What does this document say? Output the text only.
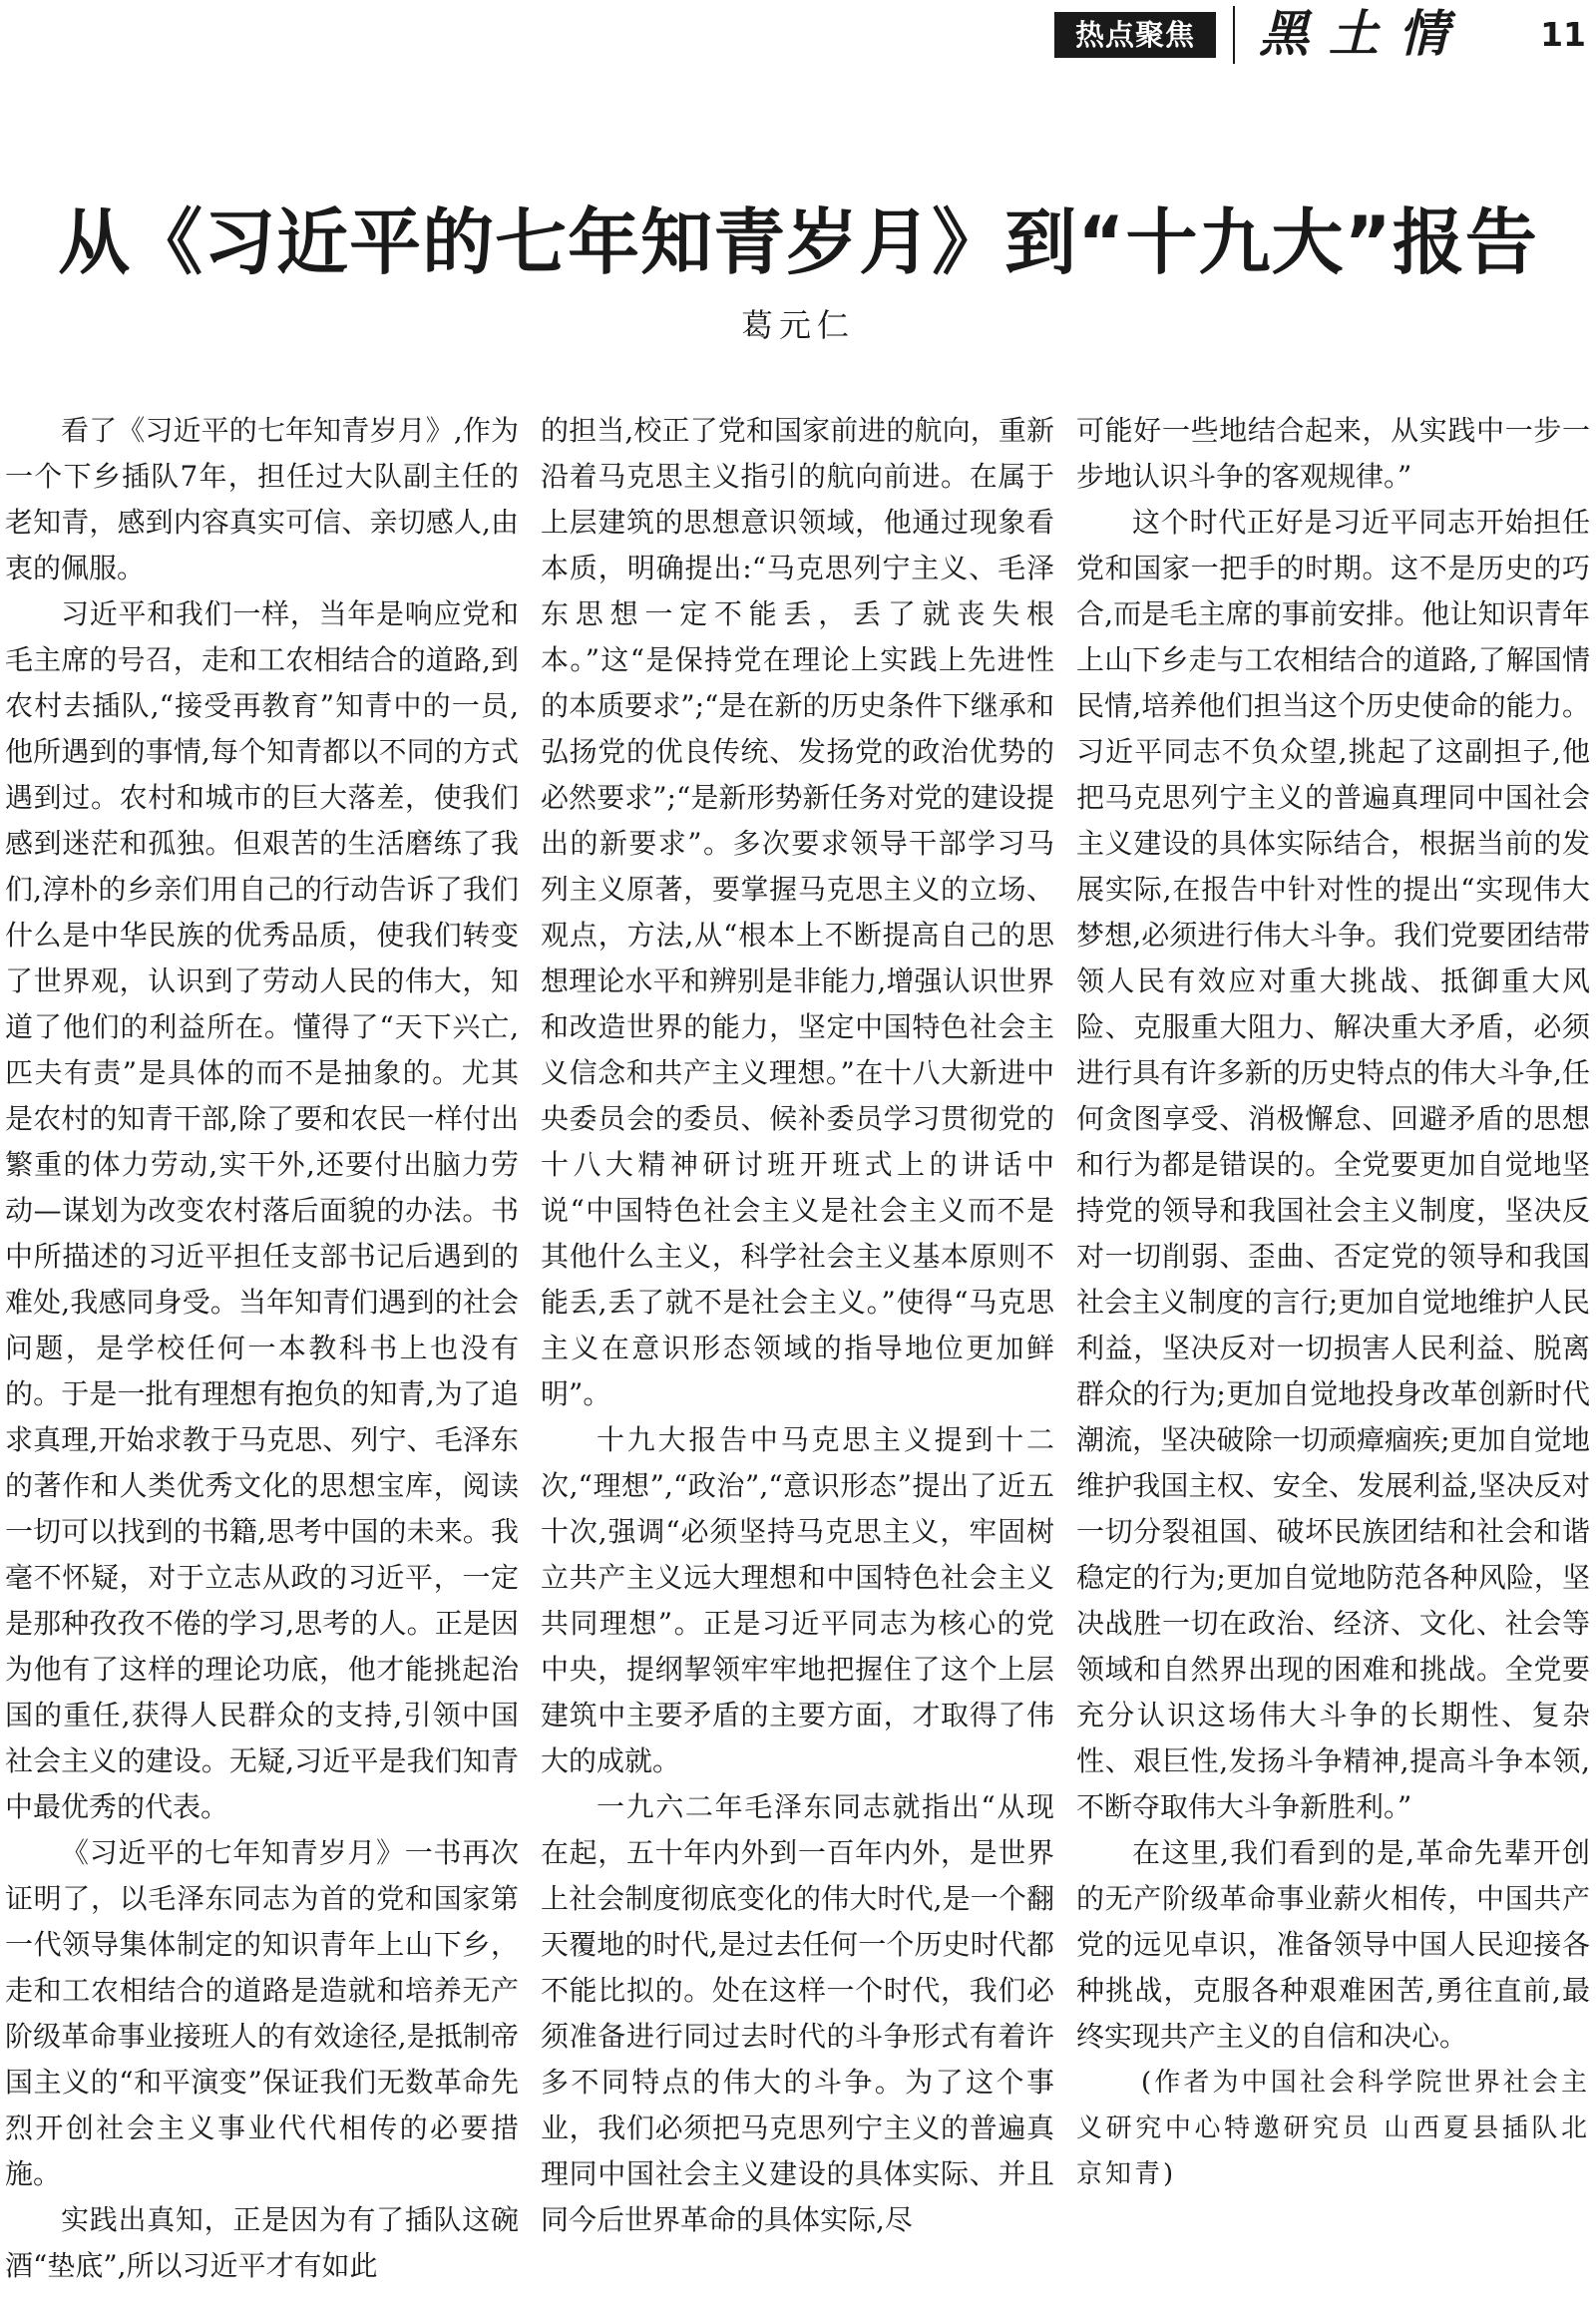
热点聚焦	黑土情	11
从《习近平的七年知青岁月》到“十九大”报告
葛元仁

看了《习近平的七年知青岁月》,作为一个下乡插队7年，担任过大队副主任的老知青，感到内容真实可信、亲切感人,由衷的佩服。

习近平和我们一样，当年是响应党和毛主席的号召，走和工农相结合的道路,到农村去插队,“接受再教育”知青中的一员,他所遇到的事情,每个知青都以不同的方式遇到过。农村和城市的巨大落差，使我们感到迷茫和孤独。但艰苦的生活磨练了我们,淳朴的乡亲们用自己的行动告诉了我们什么是中华民族的优秀品质，使我们转变了世界观，认识到了劳动人民的伟大，知道了他们的利益所在。懂得了“天下兴亡,匹夫有责”是具体的而不是抽象的。尤其是农村的知青干部,除了要和农民一样付出繁重的体力劳动,实干外,还要付出脑力劳动—谋划为改变农村落后面貌的办法。书中所描述的习近平担任支部书记后遇到的难处,我感同身受。当年知青们遇到的社会问题，是学校任何一本教科书上也没有的。于是一批有理想有抱负的知青,为了追求真理,开始求教于马克思、列宁、毛泽东的著作和人类优秀文化的思想宝库，阅读一切可以找到的书籍,思考中国的未来。我毫不怀疑，对于立志从政的习近平，一定是那种孜孜不倦的学习,思考的人。正是因为他有了这样的理论功底，他才能挑起治国的重任,获得人民群众的支持,引领中国社会主义的建设。无疑,习近平是我们知青中最优秀的代表。

《习近平的七年知青岁月》一书再次证明了，以毛泽东同志为首的党和国家第一代领导集体制定的知识青年上山下乡，走和工农相结合的道路是造就和培养无产阶级革命事业接班人的有效途径,是抵制帝国主义的“和平演变”保证我们无数革命先烈开创社会主义事业代代相传的必要措施。

实践出真知，正是因为有了插队这碗酒“垫底”,所以习近平才有如此

的担当,校正了党和国家前进的航向，重新沿着马克思主义指引的航向前进。在属于上层建筑的思想意识领域，他通过现象看本质，明确提出:“马克思列宁主义、毛泽东思想一定不能丢，丢了就丧失根本。”这“是保持党在理论上实践上先进性的本质要求”;“是在新的历史条件下继承和弘扬党的优良传统、发扬党的政治优势的必然要求”;“是新形势新任务对党的建设提出的新要求”。多次要求领导干部学习马列主义原著，要掌握马克思主义的立场、观点，方法,从“根本上不断提高自己的思想理论水平和辨别是非能力,增强认识世界和改造世界的能力，坚定中国特色社会主义信念和共产主义理想。”在十八大新进中央委员会的委员、候补委员学习贯彻党的十八大精神研讨班开班式上的讲话中说“中国特色社会主义是社会主义而不是其他什么主义，科学社会主义基本原则不能丢,丢了就不是社会主义。”使得“马克思主义在意识形态领域的指导地位更加鲜明”。

十九大报告中马克思主义提到十二次,“理想”,“政治”,“意识形态”提出了近五十次,强调“必须坚持马克思主义，牢固树立共产主义远大理想和中国特色社会主义共同理想”。正是习近平同志为核心的党中央，提纲挈领牢牢地把握住了这个上层建筑中主要矛盾的主要方面，才取得了伟大的成就。

一九六二年毛泽东同志就指出“从现在起，五十年内外到一百年内外，是世界上社会制度彻底变化的伟大时代,是一个翻天覆地的时代,是过去任何一个历史时代都不能比拟的。处在这样一个时代，我们必须准备进行同过去时代的斗争形式有着许多不同特点的伟大的斗争。为了这个事业，我们必须把马克思列宁主义的普遍真理同中国社会主义建设的具体实际、并且同今后世界革命的具体实际,尽

可能好一些地结合起来，从实践中一步一步地认识斗争的客观规律。”

这个时代正好是习近平同志开始担任党和国家一把手的时期。这不是历史的巧合,而是毛主席的事前安排。他让知识青年上山下乡走与工农相结合的道路,了解国情民情,培养他们担当这个历史使命的能力。习近平同志不负众望,挑起了这副担子,他把马克思列宁主义的普遍真理同中国社会主义建设的具体实际结合，根据当前的发展实际,在报告中针对性的提出“实现伟大梦想,必须进行伟大斗争。我们党要团结带领人民有效应对重大挑战、抵御重大风险、克服重大阻力、解决重大矛盾，必须进行具有许多新的历史特点的伟大斗争,任何贪图享受、消极懈怠、回避矛盾的思想和行为都是错误的。全党要更加自觉地坚持党的领导和我国社会主义制度，坚决反对一切削弱、歪曲、否定党的领导和我国社会主义制度的言行;更加自觉地维护人民利益，坚决反对一切损害人民利益、脱离群众的行为;更加自觉地投身改革创新时代潮流，坚决破除一切顽瘴痼疾;更加自觉地维护我国主权、安全、发展利益,坚决反对一切分裂祖国、破坏民族团结和社会和谐稳定的行为;更加自觉地防范各种风险，坚决战胜一切在政治、经济、文化、社会等领域和自然界出现的困难和挑战。全党要充分认识这场伟大斗争的长期性、复杂性、艰巨性,发扬斗争精神,提高斗争本领,不断夺取伟大斗争新胜利。”

在这里,我们看到的是,革命先辈开创的无产阶级革命事业薪火相传，中国共产党的远见卓识，准备领导中国人民迎接各种挑战，克服各种艰难困苦,勇往直前,最终实现共产主义的自信和决心。

(作者为中国社会科学院世界社会主义研究中心特邀研究员 山西夏县插队北京知青)
